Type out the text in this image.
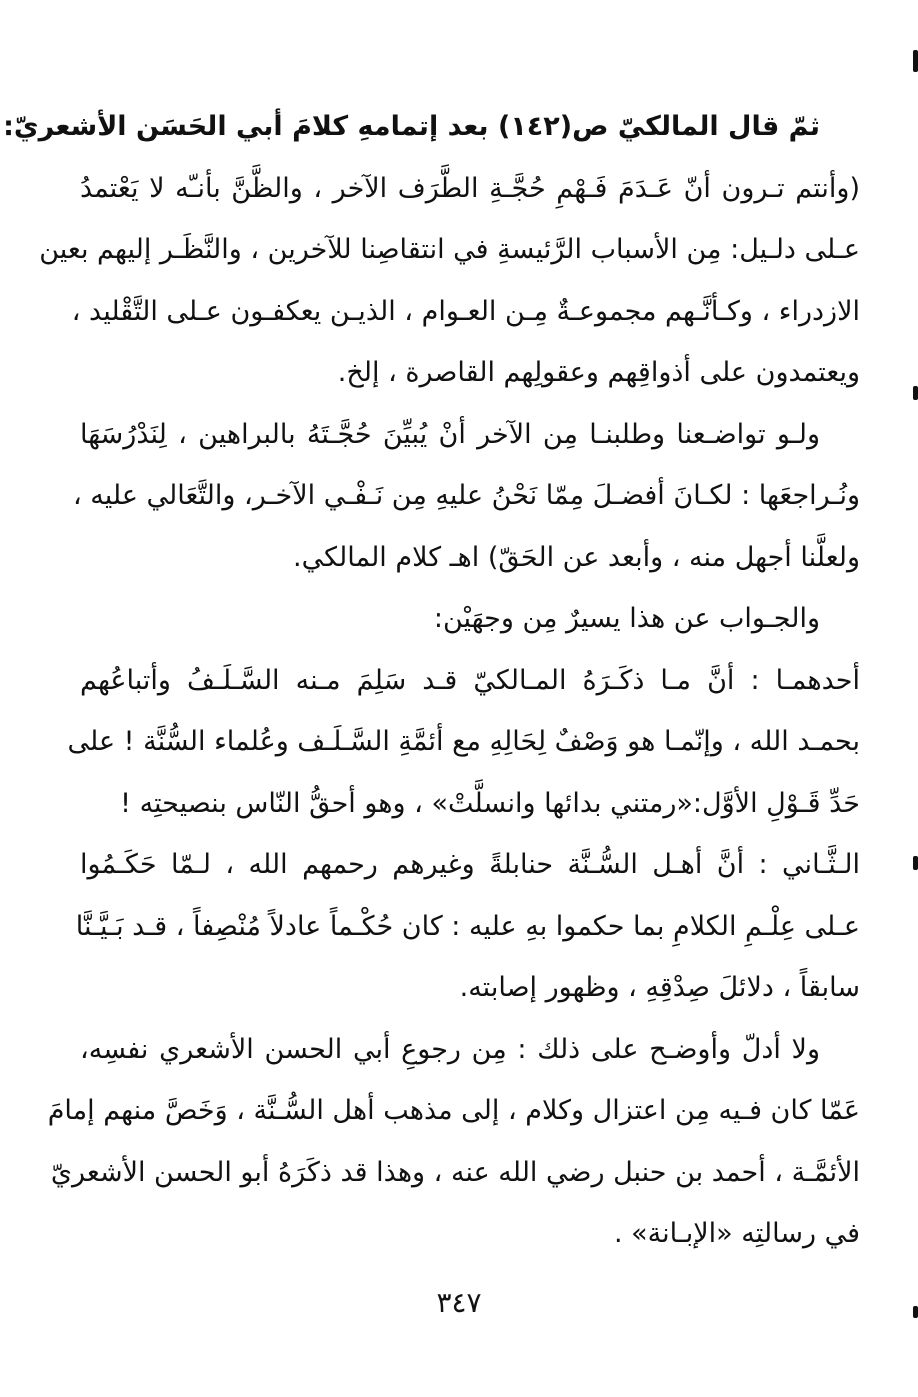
ثمّ قال المالكيّ ص(١٤٢) بعد إتمامهِ كلامَ أبي الحَسَن الأشعريّ:
(وأنتم تـرون أنّ عَـدَمَ فَـهْمِ حُجَّـةِ الطَّرَف الآخر ، والظَّنَّ بأنـّه لا يَعْتمدُ
عـلى دلـيل: مِن الأسباب الرَّئيسةِ في انتقاصِنا للآخرين ، والنَّظَـر إليهم بعين
الازدراء ، وكـأنَّـهم مجموعـةٌ مِـن العـوام ، الذيـن يعكفـون عـلى التَّقْليد ،
ويعتمدون على أذواقِهم وعقولِهم القاصرة ، إلخ.
ولـو تواضـعنا وطلبنـا مِن الآخر أنْ يُبيِّنَ حُجَّـتَهُ بالبراهين ، لِنَدْرُسَهَا
ونُـراجعَها : لكـانَ أفضـلَ مِمّا نَحْنُ عليهِ مِن نَـفْـي الآخـر، والتَّعَالي عليه ،
ولعلَّنا أجهل منه ، وأبعد عن الحَقّ) اهـ كلام المالكي.
والجـواب عن هذا يسيرٌ مِن وجهَيْن:
أحدهمـا : أنَّ مـا ذكَـرَهُ المـالكيّ قـد سَلِمَ مـنه السَّـلَـفُ وأتباعُهم
بحمـد الله ، وإنّمـا هو وَصْفٌ لِحَالِهِ مع أئمَّةِ السَّـلَـف وعُلماء السُّنَّة ! على
حَدِّ قَـوْلِ الأوَّل:«رمتني بدائها وانسلَّتْ» ، وهو أحقُّ النّاس بنصيحتِه !
الـثَّـاني : أنَّ أهـل السُّـنَّة حنابلةً وغيرهم رحمهم الله ، لـمّا حَكَـمُوا
عـلى عِلْـمِ الكلامِ بما حكموا بهِ عليه : كان حُكْـماً عادلاً مُنْصِفاً ، قـد بَـيَّـنَّا
سابقاً ، دلائلَ صِدْقِهِ ، وظهور إصابته.
ولا أدلّ وأوضـح على ذلك : مِن رجوعِ أبي الحسن الأشعري نفسِه،
عَمّا كان فـيه مِن اعتزال وكلام ، إلى مذهب أهل السُّـنَّة ، وَخَصَّ منهم إمامَ
الأئمَّـة ، أحمد بن حنبل رضي الله عنه ، وهذا قد ذكَرَهُ أبو الحسن الأشعريّ
في رسالتِه «الإبـانة» .
٣٤٧
